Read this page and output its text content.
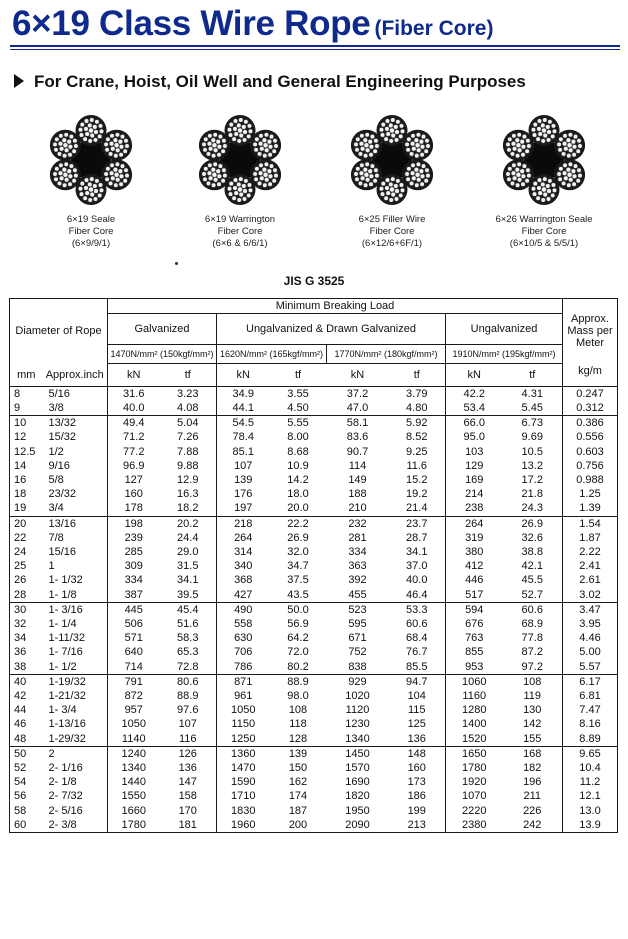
6×19 Class Wire Rope (Fiber Core)
For Crane, Hoist, Oil Well and General Engineering Purposes
6×19 Seale
Fiber Core
(6×9/9/1)
6×19 Warrington
Fiber Core
(6×6 & 6/6/1)
6×25 Filler Wire
Fiber Core
(6×12/6+6F/1)
6×26 Warrington Seale
Fiber Core
(6×10/5 & 5/5/1)
JIS G 3525
Diameter of Rope		Minimum Breaking Load								Approx. Mass per Meter
		Galvanized		Ungalvanized & Drawn Galvanized				Ungalvanized		
		1470N/mm² (150kgf/mm²)		1620N/mm² (165kgf/mm²)		1770N/mm² (180kgf/mm²)		1910N/mm² (195kgf/mm²)		
mm	Approx.inch	kN	tf	kN	tf	kN	tf	kN	tf	kg/m
8	5/16	31.6	3.23	34.9	3.55	37.2	3.79	42.2	4.31	0.247
9	3/8	40.0	4.08	44.1	4.50	47.0	4.80	53.4	5.45	0.312
10	13/32	49.4	5.04	54.5	5.55	58.1	5.92	66.0	6.73	0.386
12	15/32	71.2	7.26	78.4	8.00	83.6	8.52	95.0	9.69	0.556
12.5	1/2	77.2	7.88	85.1	8.68	90.7	9.25	103	10.5	0.603
14	9/16	96.9	9.88	107	10.9	114	11.6	129	13.2	0.756
16	5/8	127	12.9	139	14.2	149	15.2	169	17.2	0.988
18	23/32	160	16.3	176	18.0	188	19.2	214	21.8	1.25
19	3/4	178	18.2	197	20.0	210	21.4	238	24.3	1.39
20	13/16	198	20.2	218	22.2	232	23.7	264	26.9	1.54
22	7/8	239	24.4	264	26.9	281	28.7	319	32.6	1.87
24	15/16	285	29.0	314	32.0	334	34.1	380	38.8	2.22
25	1	309	31.5	340	34.7	363	37.0	412	42.1	2.41
26	1- 1/32	334	34.1	368	37.5	392	40.0	446	45.5	2.61
28	1- 1/8	387	39.5	427	43.5	455	46.4	517	52.7	3.02
30	1- 3/16	445	45.4	490	50.0	523	53.3	594	60.6	3.47
32	1- 1/4	506	51.6	558	56.9	595	60.6	676	68.9	3.95
34	1-11/32	571	58.3	630	64.2	671	68.4	763	77.8	4.46
36	1- 7/16	640	65.3	706	72.0	752	76.7	855	87.2	5.00
38	1- 1/2	714	72.8	786	80.2	838	85.5	953	97.2	5.57
40	1-19/32	791	80.6	871	88.9	929	94.7	1060	108	6.17
42	1-21/32	872	88.9	961	98.0	1020	104	1160	119	6.81
44	1- 3/4	957	97.6	1050	108	1120	115	1280	130	7.47
46	1-13/16	1050	107	1150	118	1230	125	1400	142	8.16
48	1-29/32	1140	116	1250	128	1340	136	1520	155	8.89
50	2	1240	126	1360	139	1450	148	1650	168	9.65
52	2- 1/16	1340	136	1470	150	1570	160	1780	182	10.4
54	2- 1/8	1440	147	1590	162	1690	173	1920	196	11.2
56	2- 7/32	1550	158	1710	174	1820	186	1070	211	12.1
58	2- 5/16	1660	170	1830	187	1950	199	2220	226	13.0
60	2- 3/8	1780	181	1960	200	2090	213	2380	242	13.9
